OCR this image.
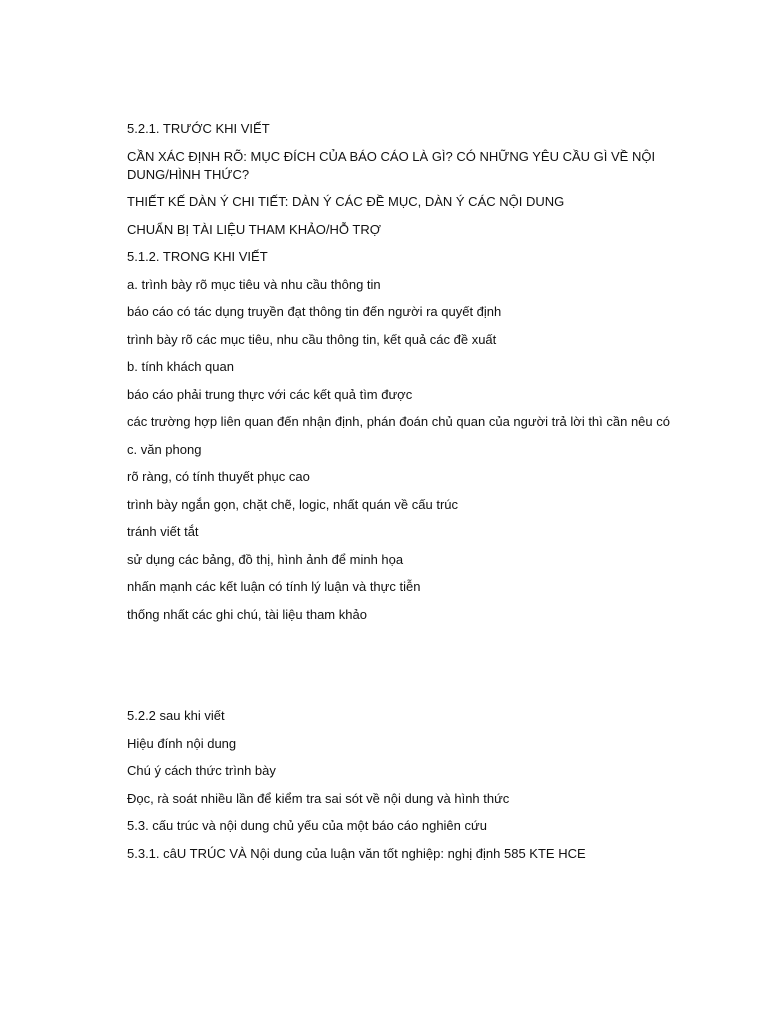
5.2.1. TRƯỚC KHI VIẾT

CẦN XÁC ĐỊNH RÕ: MỤC ĐÍCH CỦA BÁO CÁO LÀ GÌ? CÓ NHỮNG YÊU CẦU GÌ VỀ NỘI DUNG/HÌNH THỨC?

THIẾT KẾ DÀN Ý CHI TIẾT: DÀN Ý CÁC ĐỀ MỤC, DÀN Ý CÁC NỘI DUNG

CHUẨN BỊ TÀI LIỆU THAM KHẢO/HỖ TRỢ

5.1.2. TRONG KHI VIẾT

a. trình bày rõ mục tiêu và nhu cầu thông tin

báo cáo có tác dụng truyền đạt thông tin đến người ra quyết định

trình bày rõ các mục tiêu, nhu cầu thông tin, kết quả các đề xuất

b. tính khách quan

báo cáo phải trung thực với các kết quả tìm được

các trường hợp liên quan đến nhận định, phán đoán chủ quan của người trả lời thì cần nêu có

c. văn phong

rõ ràng, có tính thuyết phục cao

trình bày ngắn gọn, chặt chẽ, logic, nhất quán về cấu trúc

tránh viết tắt

sử dụng các bảng, đồ thị, hình ảnh để minh họa

nhấn mạnh các kết luận có tính lý luận và thực tiễn

thống nhất các ghi chú, tài liệu tham khảo

5.2.2 sau khi viết

Hiệu đính nội dung

Chú ý cách thức trình bày

Đọc, rà soát nhiều lần để kiểm tra sai sót về nội dung và hình thức

5.3. cấu trúc và nội dung chủ yếu của một báo cáo nghiên cứu

5.3.1. câU TRÚC VÀ Nội dung của luận văn tốt nghiệp: nghị định 585 KTE HCE
